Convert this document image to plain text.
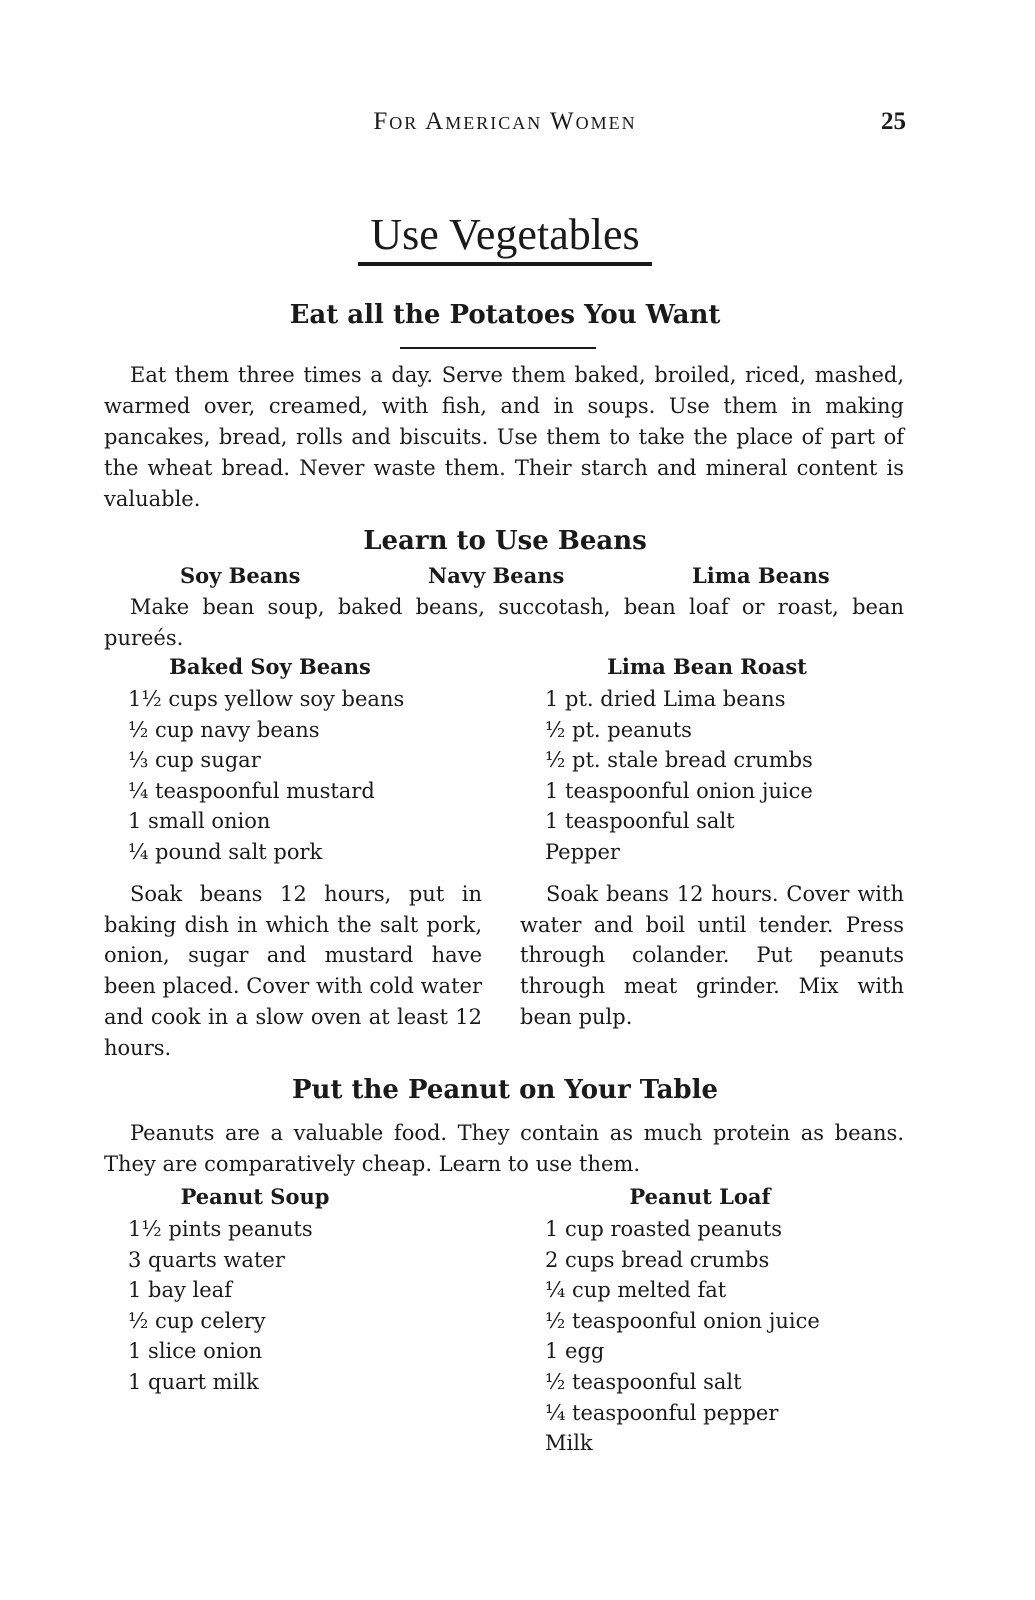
For American Women	25
Use Vegetables
Eat all the Potatoes You Want

Eat them three times a day. Serve them baked, broiled, riced, mashed, warmed over, creamed, with fish, and in soups. Use them in making pancakes, bread, rolls and biscuits. Use them to take the place of part of the wheat bread. Never waste them. Their starch and mineral content is valuable.

Learn to Use Beans
Soy Beans	Navy Beans	Lima Beans

Make bean soup, baked beans, succotash, bean loaf or roast, bean pureés.

Baked Soy Beans
1½ cups yellow soy beans
½ cup navy beans
⅓ cup sugar
¼ teaspoonful mustard
1 small onion
¼ pound salt pork

Soak beans 12 hours, put in baking dish in which the salt pork, onion, sugar and mustard have been placed. Cover with cold water and cook in a slow oven at least 12 hours.

Lima Bean Roast
1 pt. dried Lima beans
½ pt. peanuts
½ pt. stale bread crumbs
1 teaspoonful onion juice
1 teaspoonful salt
Pepper

Soak beans 12 hours. Cover with water and boil until tender. Press through colander. Put peanuts through meat grinder. Mix with bean pulp.

Put the Peanut on Your Table

Peanuts are a valuable food. They contain as much protein as beans. They are comparatively cheap. Learn to use them.

Peanut Soup
1½ pints peanuts
3 quarts water
1 bay leaf
½ cup celery
1 slice onion
1 quart milk
Peanut Loaf
1 cup roasted peanuts
2 cups bread crumbs
¼ cup melted fat
½ teaspoonful onion juice
1 egg
½ teaspoonful salt
¼ teaspoonful pepper
Milk
